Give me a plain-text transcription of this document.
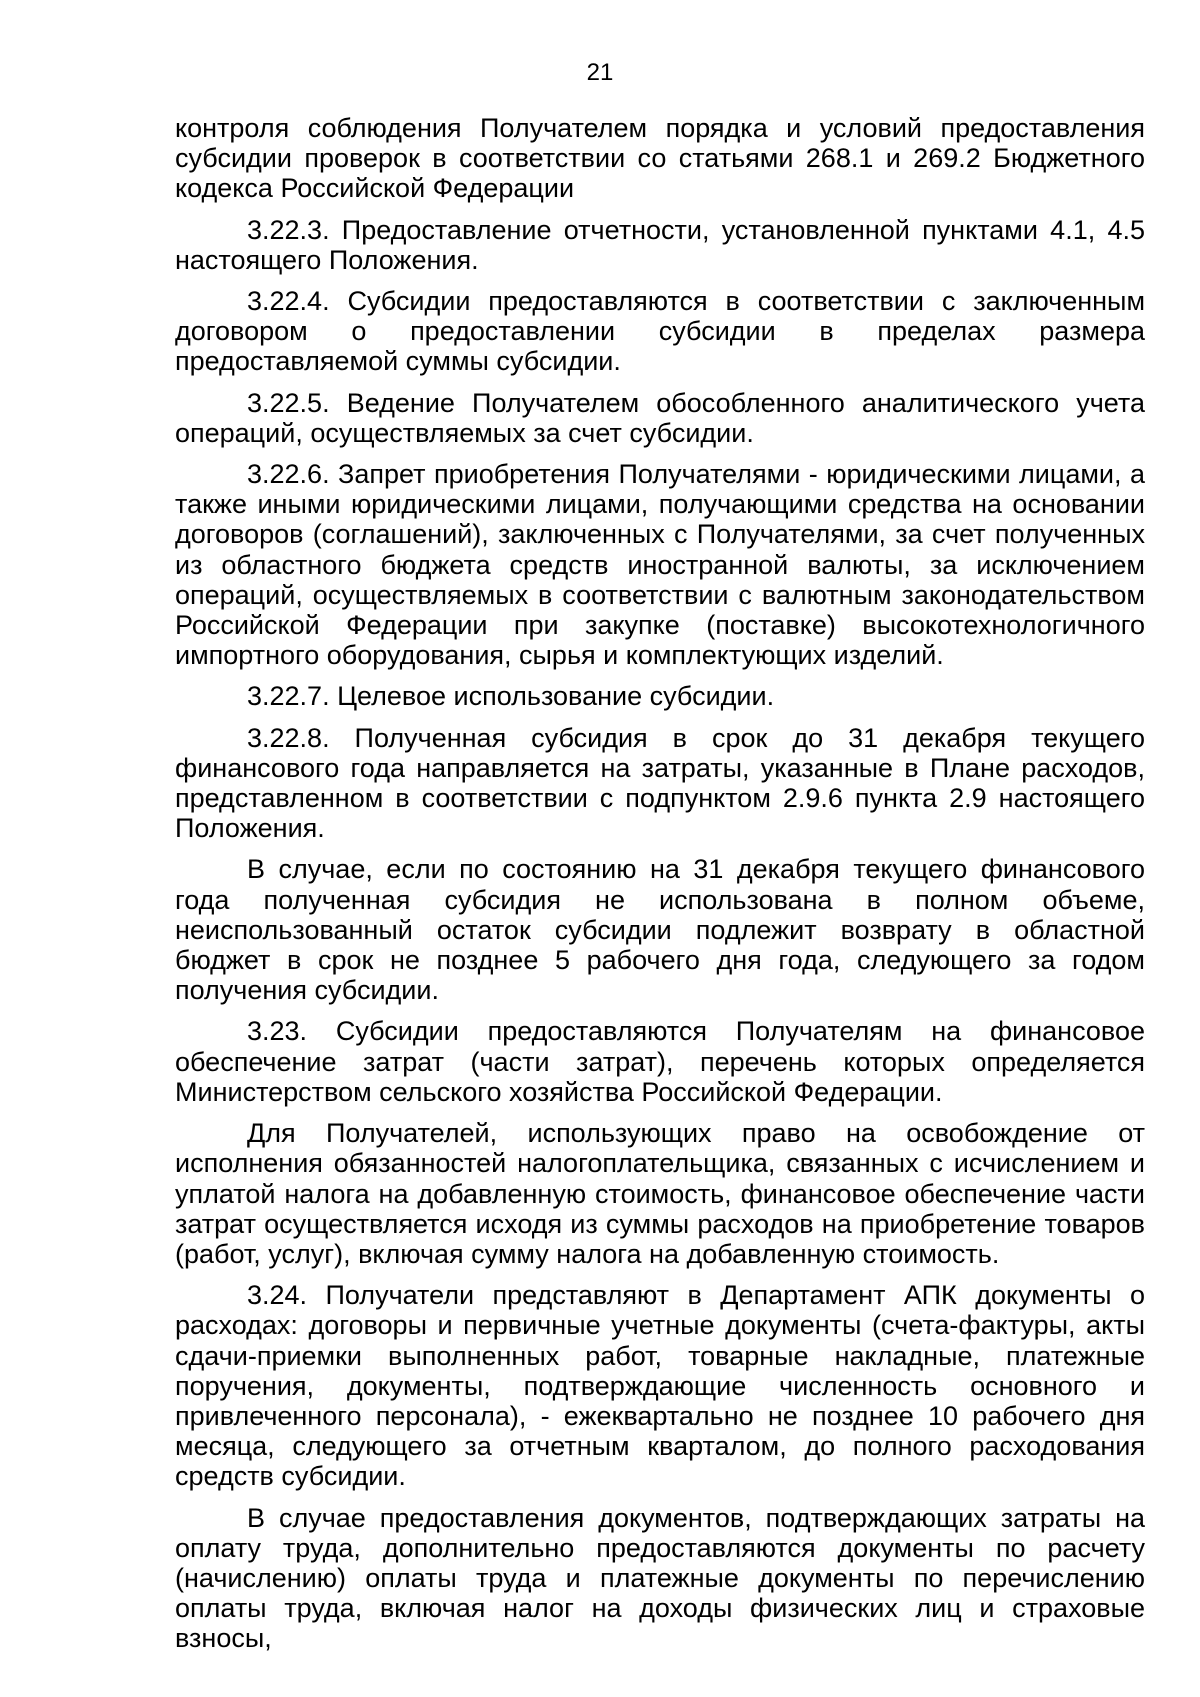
21

контроля соблюдения Получателем порядка и условий предоставления субсидии проверок в соответствии со статьями 268.1 и 269.2 Бюджетного кодекса Российской Федерации

3.22.3. Предоставление отчетности, установленной пунктами 4.1, 4.5 настоящего Положения.

3.22.4. Субсидии предоставляются в соответствии с заключенным договором о предоставлении субсидии в пределах размера предоставляемой суммы субсидии.

3.22.5. Ведение Получателем обособленного аналитического учета операций, осуществляемых за счет субсидии.

3.22.6. Запрет приобретения Получателями - юридическими лицами, а также иными юридическими лицами, получающими средства на основании договоров (соглашений), заключенных с Получателями, за счет полученных из областного бюджета средств иностранной валюты, за исключением операций, осуществляемых в соответствии с валютным законодательством Российской Федерации при закупке (поставке) высокотехнологичного импортного оборудования, сырья и комплектующих изделий.

3.22.7. Целевое использование субсидии.

3.22.8. Полученная субсидия в срок до 31 декабря текущего финансового года направляется на затраты, указанные в Плане расходов, представленном в соответствии с подпунктом 2.9.6 пункта 2.9 настоящего Положения.

В случае, если по состоянию на 31 декабря текущего финансового года полученная субсидия не использована в полном объеме, неиспользованный остаток субсидии подлежит возврату в областной бюджет в срок не позднее 5 рабочего дня года, следующего за годом получения субсидии.

3.23. Субсидии предоставляются Получателям на финансовое обеспечение затрат (части затрат), перечень которых определяется Министерством сельского хозяйства Российской Федерации.

Для Получателей, использующих право на освобождение от исполнения обязанностей налогоплательщика, связанных с исчислением и уплатой налога на добавленную стоимость, финансовое обеспечение части затрат осуществляется исходя из суммы расходов на приобретение товаров (работ, услуг), включая сумму налога на добавленную стоимость.

3.24. Получатели представляют в Департамент АПК документы о расходах: договоры и первичные учетные документы (счета-фактуры, акты сдачи-приемки выполненных работ, товарные накладные, платежные поручения, документы, подтверждающие численность основного и привлеченного персонала), - ежеквартально не позднее 10 рабочего дня месяца, следующего за отчетным кварталом, до полного расходования средств субсидии.

В случае предоставления документов, подтверждающих затраты на оплату труда, дополнительно предоставляются документы по расчету (начислению) оплаты труда и платежные документы по перечислению оплаты труда, включая налог на доходы физических лиц и страховые взносы,
